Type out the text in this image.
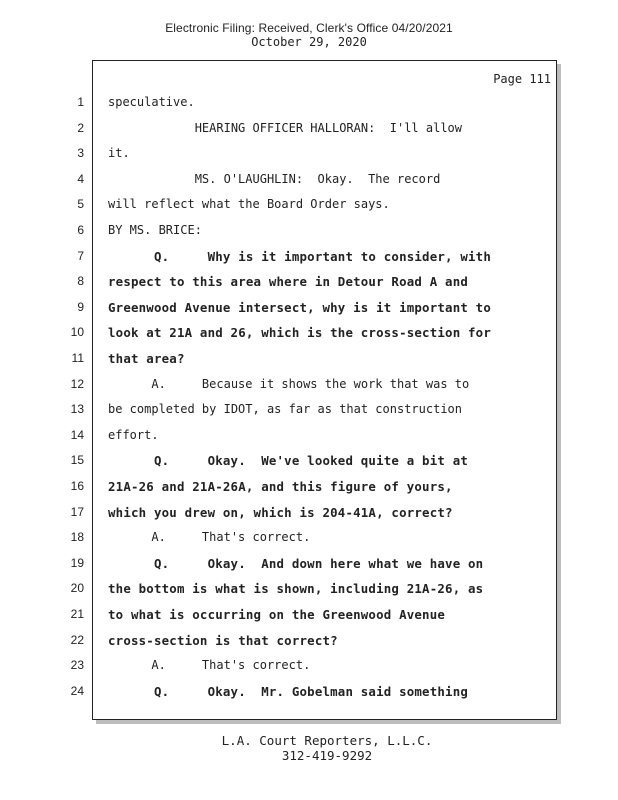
Electronic Filing: Received, Clerk's Office 04/20/2021
October 29, 2020
Page 111
1 speculative.
2 HEARING OFFICER HALLORAN:  I'll allow
3 it.
4 MS. O'LAUGHLIN:  Okay.  The record
5 will reflect what the Board Order says.
6 BY MS. BRICE:
7 Q.     Why is it important to consider, with
8 respect to this area where in Detour Road A and
9 Greenwood Avenue intersect, why is it important to
10 look at 21A and 26, which is the cross-section for
11 that area?
12 A.     Because it shows the work that was to
13 be completed by IDOT, as far as that construction
14 effort.
15 Q.     Okay.  We've looked quite a bit at
16 21A-26 and 21A-26A, and this figure of yours,
17 which you drew on, which is 204-41A, correct?
18 A.     That's correct.
19 Q.     Okay.  And down here what we have on
20 the bottom is what is shown, including 21A-26, as
21 to what is occurring on the Greenwood Avenue
22 cross-section is that correct?
23 A.     That's correct.
24 Q.     Okay.  Mr. Gobelman said something
L.A. Court Reporters, L.L.C.
312-419-9292
